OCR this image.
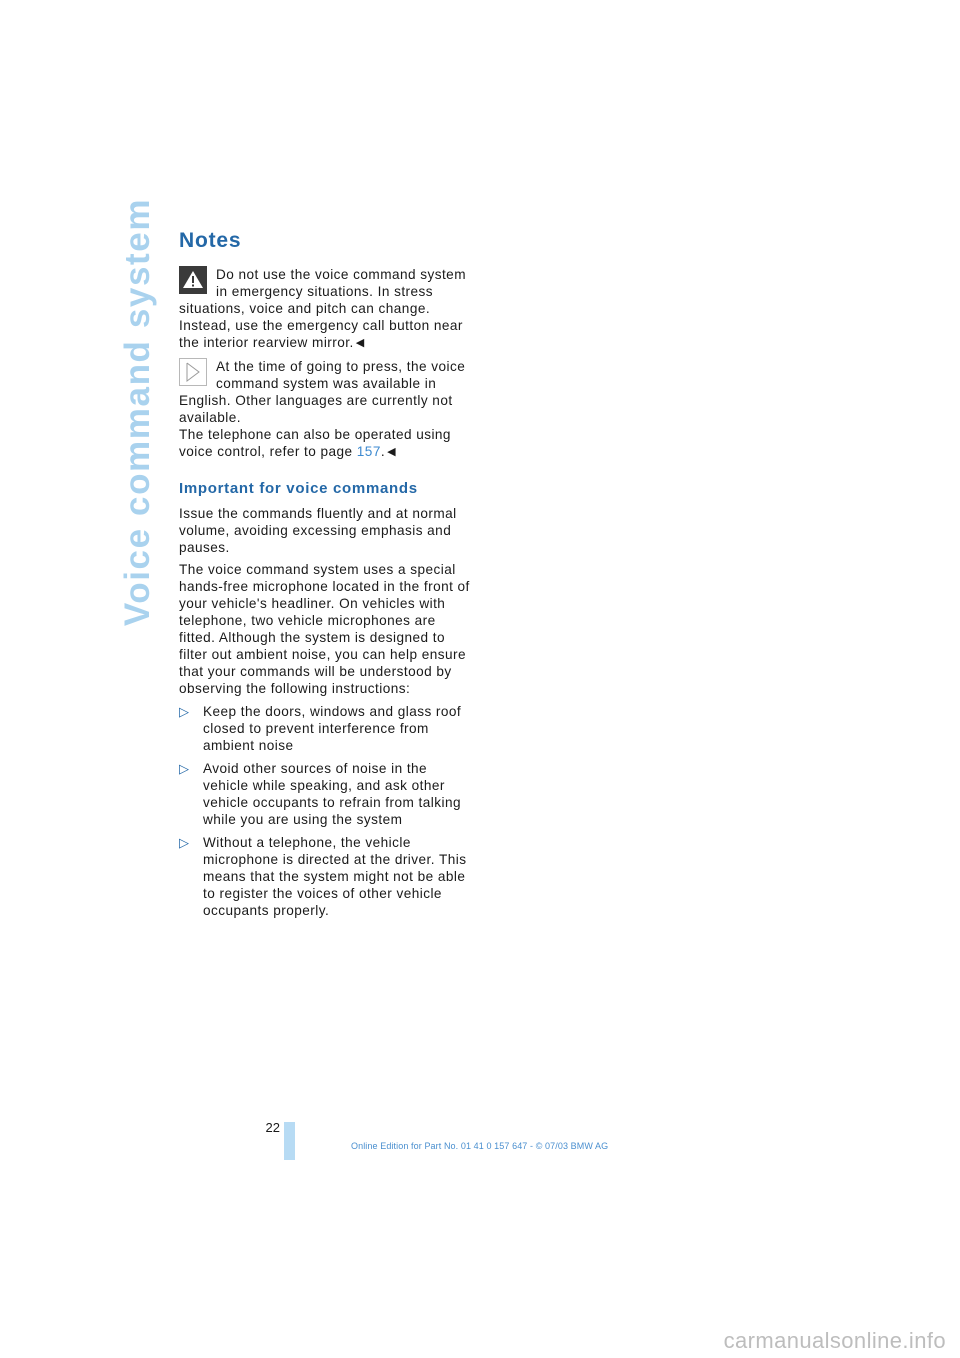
Voice command system Notes
Do not use the voice command system in emergency situations. In stress situations, voice and pitch can change. Instead, use the emergency call button near the interior rearview mirror. ◀
At the time of going to press, the voice command system was available in English. Other languages are currently not available.
The telephone can also be operated using voice control, refer to page 157. ◀
Important for voice commands

Issue the commands fluently and at normal volume, avoiding excessing emphasis and pauses.

The voice command system uses a special hands-free microphone located in the front of your vehicle's headliner. On vehicles with telephone, two vehicle microphones are fitted. Although the system is designed to filter out ambient noise, you can help ensure that your commands will be understood by observing the following instructions:

▷ Keep the doors, windows and glass roof closed to prevent interference from ambient noise
▷ Avoid other sources of noise in the vehicle while speaking, and ask other vehicle occupants to refrain from talking while you are using the system
▷ Without a telephone, the vehicle microphone is directed at the driver. This means that the system might not be able to register the voices of other vehicle occupants properly.
22
Online Edition for Part No. 01 41 0 157 647 - © 07/03 BMW AG
carmanualsonline.info
